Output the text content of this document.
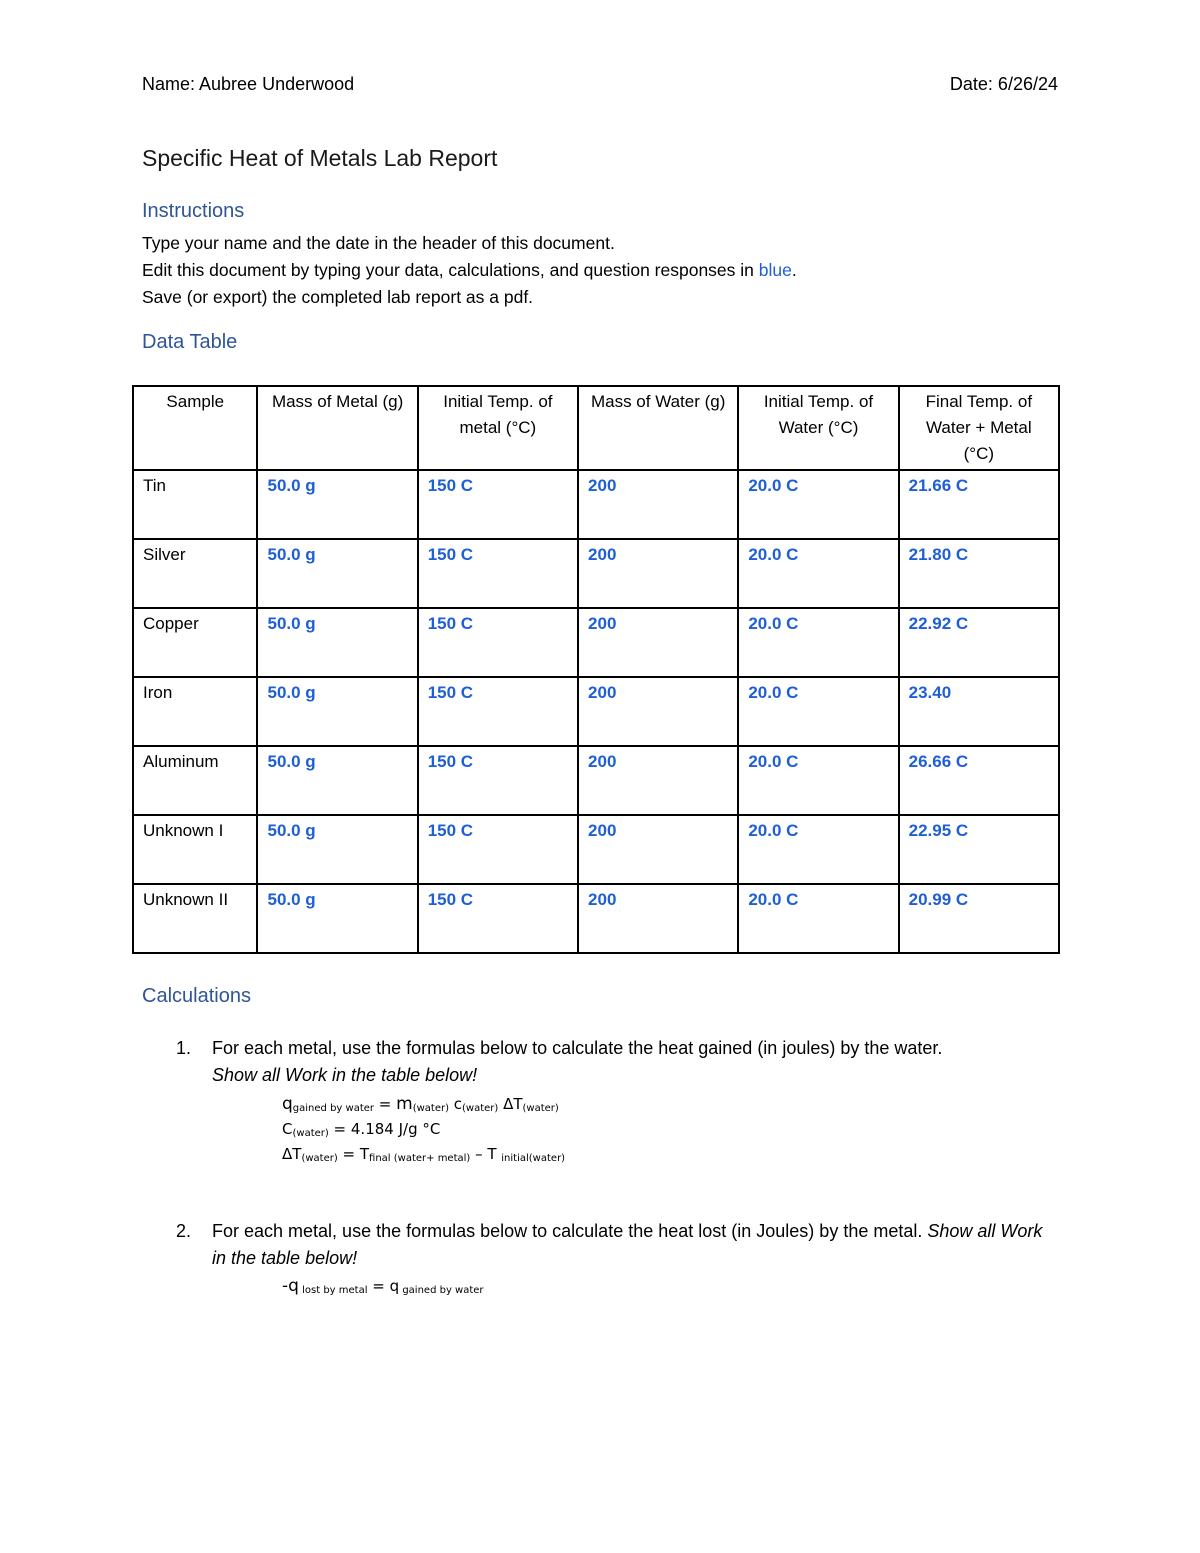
Name: Aubree Underwood	Date: 6/26/24
Specific Heat of Metals Lab Report
Instructions
Type your name and the date in the header of this document.
Edit this document by typing your data, calculations, and question responses in blue.
Save (or export) the completed lab report as a pdf.
Data Table
Sample	Mass of Metal (g)	Initial Temp. of metal (°C)	Mass of Water (g)	Initial Temp. of Water (°C)	Final Temp. of Water + Metal (°C)
Tin	50.0 g	150 C	200	20.0 C	21.66 C
Silver	50.0 g	150 C	200	20.0 C	21.80 C
Copper	50.0 g	150 C	200	20.0 C	22.92 C
Iron	50.0 g	150 C	200	20.0 C	23.40
Aluminum	50.0 g	150 C	200	20.0 C	26.66 C
Unknown I	50.0 g	150 C	200	20.0 C	22.95 C
Unknown II	50.0 g	150 C	200	20.0 C	20.99 C
Calculations
1. For each metal, use the formulas below to calculate the heat gained (in joules) by the water.
Show all Work in the table below!
$q_{gained by water} = m_{(water)}$ $c_{(water)}$ $\Delta T_{(water)}$
$C_{(water)} = 4.184$ J/g °C
$\Delta T_{(water)} = T_{final (water+ metal)} - T$ $_{initial(water)}$
2. For each metal, use the formulas below to calculate the heat lost (in Joules) by the metal. Show all Work in the table below!
-q $_{lost by metal}$ = q $_{gained by water}$
